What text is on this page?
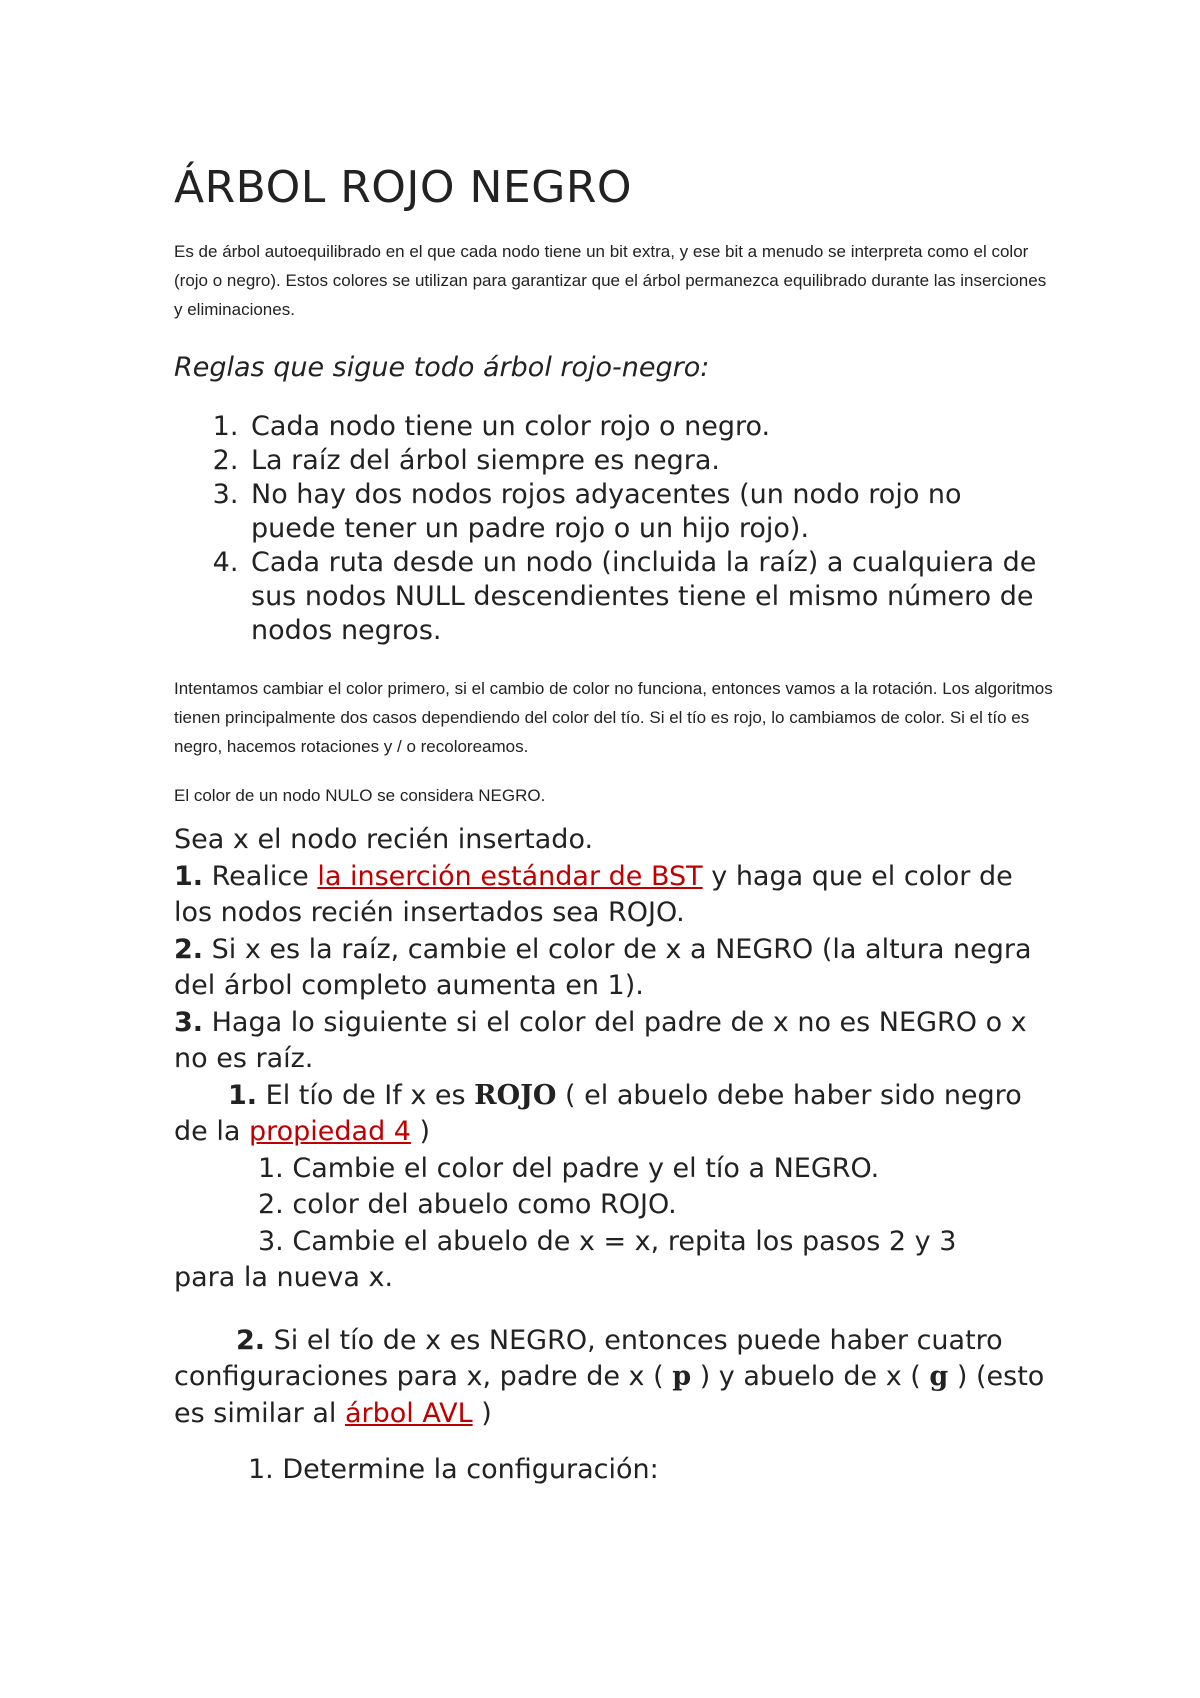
ÁRBOL ROJO NEGRO

Es de árbol autoequilibrado en el que cada nodo tiene un bit extra, y ese bit a menudo se interpreta como el color (rojo o negro). Estos colores se utilizan para garantizar que el árbol permanezca equilibrado durante las inserciones y eliminaciones.

Reglas que sigue todo árbol rojo-negro:

1. Cada nodo tiene un color rojo o negro.
2. La raíz del árbol siempre es negra.
3. No hay dos nodos rojos adyacentes (un nodo rojo no puede tener un padre rojo o un hijo rojo).
4. Cada ruta desde un nodo (incluida la raíz) a cualquiera de sus nodos NULL descendientes tiene el mismo número de nodos negros.

Intentamos cambiar el color primero, si el cambio de color no funciona, entonces vamos a la rotación. Los algoritmos tienen principalmente dos casos dependiendo del color del tío. Si el tío es rojo, lo cambiamos de color. Si el tío es negro, hacemos rotaciones y / o recoloreamos.

El color de un nodo NULO se considera NEGRO.

Sea x el nodo recién insertado.
1. Realice la inserción estándar de BST y haga que el color de los nodos recién insertados sea ROJO.
2. Si x es la raíz, cambie el color de x a NEGRO (la altura negra del árbol completo aumenta en 1).
3. Haga lo siguiente si el color del padre de x no es NEGRO o x no es raíz.
1. El tío de If x es ROJO ( el abuelo debe haber sido negro de la propiedad 4 )
1. Cambie el color del padre y el tío a NEGRO.
2. color del abuelo como ROJO.
3. Cambie el abuelo de x = x, repita los pasos 2 y 3
para la nueva x.
2. Si el tío de x es NEGRO, entonces puede haber cuatro configuraciones para x, padre de x ( p ) y abuelo de x ( g ) (esto es similar al árbol AVL )
1. Determine la configuración:
